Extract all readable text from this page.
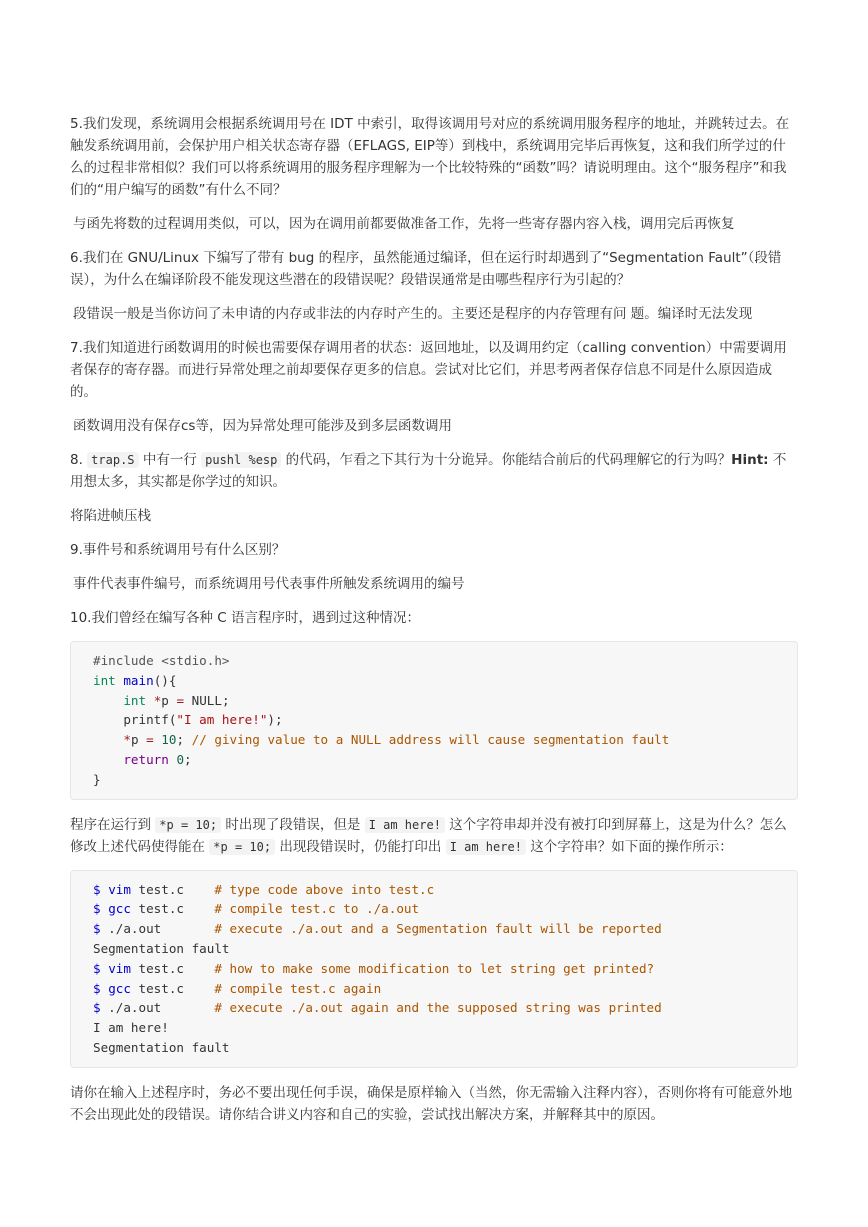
5.我们发现，系统调用会根据系统调用号在 IDT 中索引，取得该调用号对应的系统调用服务程序的地址，并跳转过去。在触发系统调用前，会保护用户相关状态寄存器（EFLAGS, EIP等）到栈中，系统调用完毕后再恢复，这和我们所学过的什么的过程非常相似？我们可以将系统调用的服务程序理解为一个比较特殊的“函数”吗？请说明理由。这个“服务程序”和我们的“用户编写的函数”有什么不同？

与函先将数的过程调用类似，可以，因为在调用前都要做准备工作，先将一些寄存器内容入栈，调用完后再恢复

6.我们在 GNU/Linux 下编写了带有 bug 的程序，虽然能通过编译，但在运行时却遇到了“Segmentation Fault”（段错误），为什么在编译阶段不能发现这些潜在的段错误呢？段错误通常是由哪些程序行为引起的？

段错误一般是当你访问了未申请的内存或非法的内存时产生的。主要还是程序的内存管理有问 题。编译时无法发现

7.我们知道进行函数调用的时候也需要保存调用者的状态：返回地址，以及调用约定（calling convention）中需要调用者保存的寄存器。而进行异常处理之前却要保存更多的信息。尝试对比它们，并思考两者保存信息不同是什么原因造成的。

函数调用没有保存cs等，因为异常处理可能涉及到多层函数调用

8. trap.S 中有一行 pushl %esp 的代码，乍看之下其行为十分诡异。你能结合前后的代码理解它的行为吗？Hint: 不用想太多，其实都是你学过的知识。

将陷进帧压栈

9.事件号和系统调用号有什么区别？

事件代表事件编号，而系统调用号代表事件所触发系统调用的编号

10.我们曾经在编写各种 C 语言程序时，遇到过这种情况：

#include <stdio.h>
int main(){
int *p = NULL;
printf("I am here!");
*p = 10; // giving value to a NULL address will cause segmentation fault
return 0;
}

程序在运行到 *p = 10; 时出现了段错误，但是 I am here! 这个字符串却并没有被打印到屏幕上，这是为什么？怎么修改上述代码使得能在 *p = 10; 出现段错误时，仍能打印出 I am here! 这个字符串？如下面的操作所示：

$ vim test.c    # type code above into test.c
$ gcc test.c    # compile test.c to ./a.out
$ ./a.out       # execute ./a.out and a Segmentation fault will be reported
Segmentation fault
$ vim test.c    # how to make some modification to let string get printed?
$ gcc test.c    # compile test.c again
$ ./a.out       # execute ./a.out again and the supposed string was printed
I am here!
Segmentation fault

请你在输入上述程序时，务必不要出现任何手误，确保是原样输入（当然，你无需输入注释内容），否则你将有可能意外地不会出现此处的段错误。请你结合讲义内容和自己的实验，尝试找出解决方案，并解释其中的原因。
